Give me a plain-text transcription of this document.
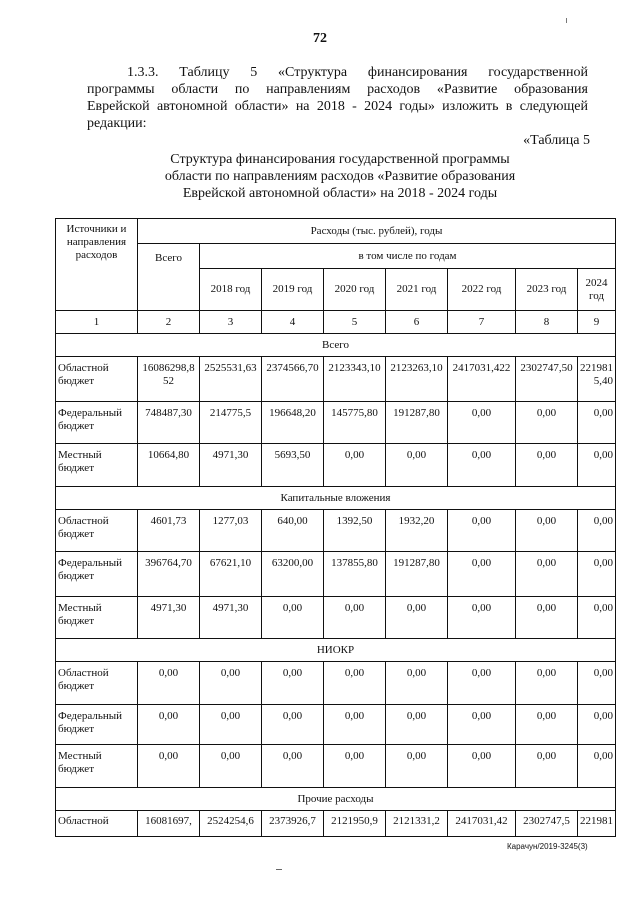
72
1.3.3. Таблицу 5 «Структура финансирования государственной
программы области по направлениям расходов «Развитие образования
Еврейской автономной области» на 2018 - 2024 годы» изложить в следующей
редакции:
«Таблица 5
Структура финансирования государственной программы
области по направлениям расходов «Развитие образования
Еврейской автономной области» на 2018 - 2024 годы
Источники и направления расходов	Расходы (тыс. рублей), годы							
	Всего	в том числе по годам						
		2018 год	2019 год	2020 год	2021 год	2022 год	2023 год	2024 год
1	2	3	4	5	6	7	8	9
Всего								
Областной бюджет	16086298,852	2525531,63	2374566,70	2123343,10	2123263,10	2417031,422	2302747,50	2219815,40
Федеральный бюджет	748487,30	214775,5	196648,20	145775,80	191287,80	0,00	0,00	0,00
Местный бюджет	10664,80	4971,30	5693,50	0,00	0,00	0,00	0,00	0,00
Капитальные вложения								
Областной бюджет	4601,73	1277,03	640,00	1392,50	1932,20	0,00	0,00	0,00
Федеральный бюджет	396764,70	67621,10	63200,00	137855,80	191287,80	0,00	0,00	0,00
Местный бюджет	4971,30	4971,30	0,00	0,00	0,00	0,00	0,00	0,00
НИОКР								
Областной бюджет	0,00	0,00	0,00	0,00	0,00	0,00	0,00	0,00
Федеральный бюджет	0,00	0,00	0,00	0,00	0,00	0,00	0,00	0,00
Местный бюджет	0,00	0,00	0,00	0,00	0,00	0,00	0,00	0,00
Прочие расходы								
Областной	16081697,	2524254,6	2373926,7	2121950,9	2121331,2	2417031,42	2302747,5	221981
Карачун/2019-3245(3)
